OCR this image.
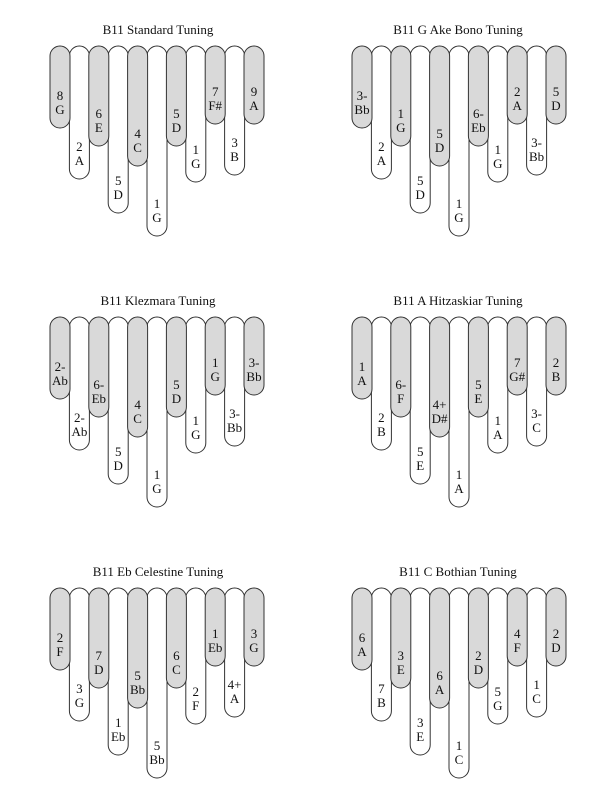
B11 Standard Tuning
2
A
5
D
1
G
1
G
3
B
8
G 6
E 4
C
5
D
7
F#
9
A
B11 G Ake Bono Tuning
2
A
5
D
1
G
1
G
3-
Bb
3-
Bb 1
G 5
D
6-
Eb
2
A
5
D
B11 Klezmara Tuning
2-
Ab
5
D
1
G
1
G
3-
Bb
2-
Ab 6-
Eb 4
C
5
D
1
G
3-
Bb
B11 A Hitzaskiar Tuning
2
B
5
E
1
A
1
A
3-
C
1
A 6-
F 4+
D#
5
E
7
G#
2
B
B11 Eb Celestine Tuning
3
G
1
Eb
5
Bb
2
F
4+
A
2
F 7
D 5
Bb
6
C
1
Eb
3
G
B11 C Bothian Tuning
7
B
3
E
1
C
5
G
1
C
6
A 3
E 6
A
2
D
4
F
2
D
